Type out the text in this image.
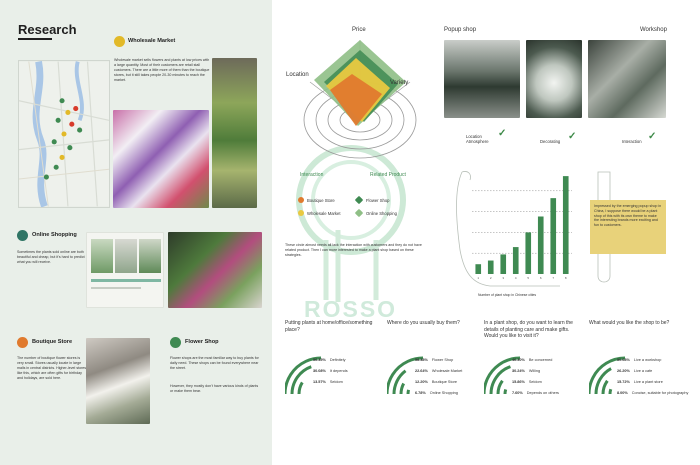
Research
Wholesale Market
Wholesale market sells flowers and plants at low prices with a large quantity. Most of their customers are retail stall customers. There are a little more of them than the boutique stores, but it still takes people 20-30 minutes to reach the market.
Online Shopping
Sometimes the plants sold online are both beautiful and cheap, but it's hard to predict what you will receive.
Boutique Store
The number of boutique flower stores is very small. Stores usually locate in large malls in central districts. Higher-level stores like this, which are often gifts for birthday and holidays, are sold here.
Flower Shop
Flower shops are the most familiar way to buy plants for daily need. These shops can be found everywhere near the street.
However, they mostly don't have various kinds of plants or make them bear.
ROSSO
Price
Location
Variety
Interaction	Related Product
Boutique Store
Wholesale Market
Flower Shop
Online Shopping
These circle almost needs all lack the interaction with customers and they do not have related product. Then I can more interested to make a plant shop based on these strategies.
Popup shop	Workshop
Location Atmosphere
✓
Decorating ✓	Interaction ✓
1	2	3	4	5	6	7	8
Number of plant shop in Chinese cities
Impressed by the emerging popup shop in China, I suppose there would be a plant shop of this with its own theme to make the interesting brands more exciting and fun to customers.
Putting plants at home/office/something place?
56.35% Definitely
30.08% It depends
13.57% Seldom
Where do you usually buy them?
58.38% Flower Shop
22.64% Wholesale Market
12.20% Boutique Store
6.78% Online Shopping
In a plant shop, do you want to learn the details of planting care and make gifts. Would you like to visit it?
46.30% Be concerned
30.24% Willing
15.86% Seldom
7.60% Depends on others
What would you like the shop to be?
50.08% Live a workshop
26.20% Live a cafe
15.72% Live a plant store
8.00% Concise, suitable for photography
